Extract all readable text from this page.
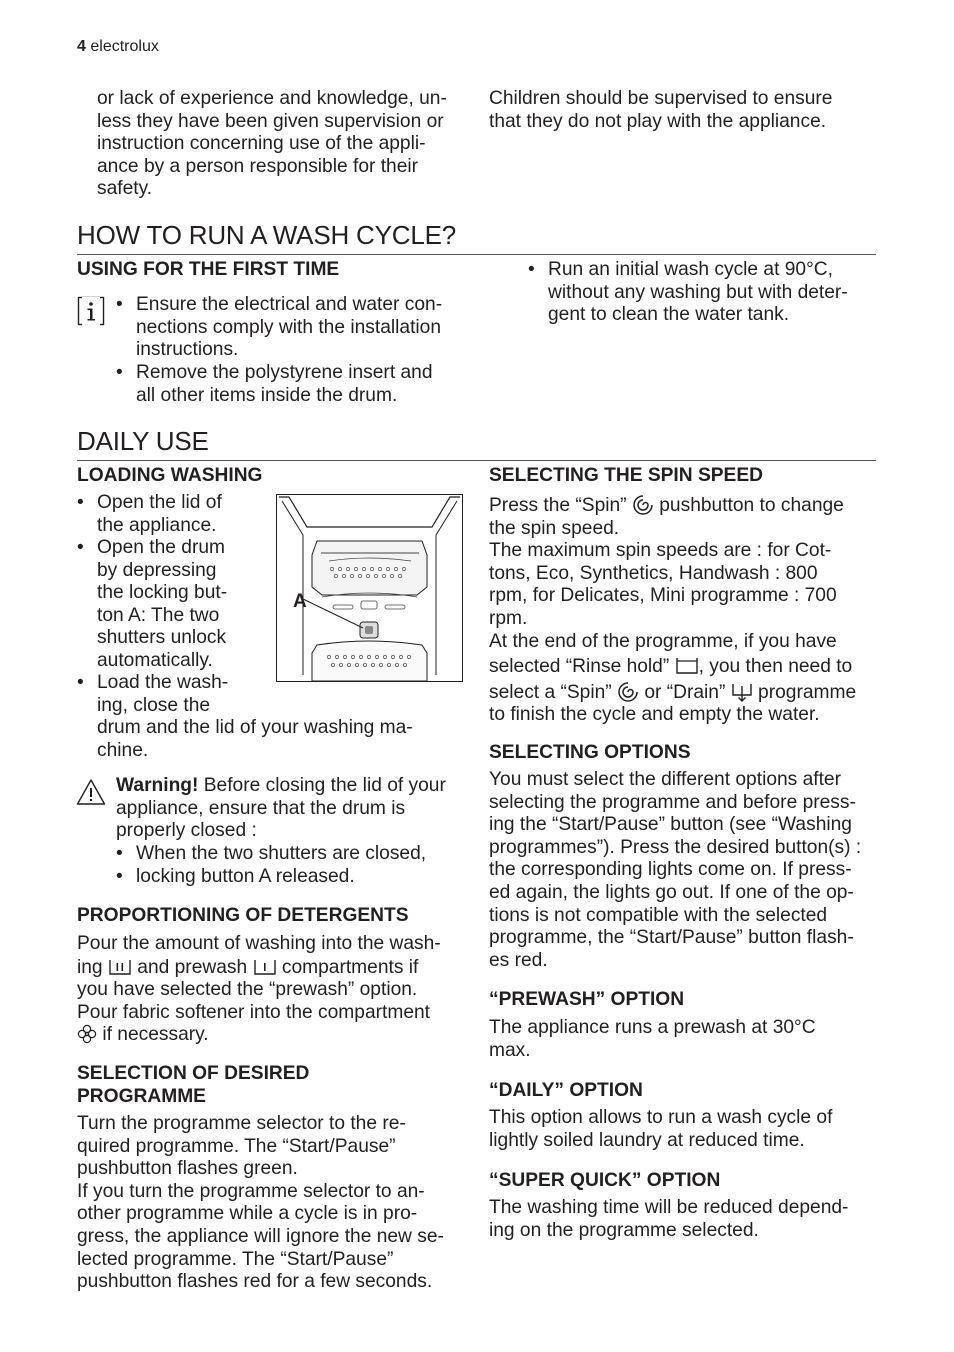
4 electrolux
or lack of experience and knowledge, un-
less they have been given supervision or
instruction concerning use of the appli-
ance by a person responsible for their
safety.
Children should be supervised to ensure
that they do not play with the appliance.
HOW TO RUN A WASH CYCLE?
USING FOR THE FIRST TIME
• Ensure the electrical and water con-
nections comply with the installation
instructions.
• Remove the polystyrene insert and
all other items inside the drum.
• Run an initial wash cycle at 90°C,
without any washing but with deter-
gent to clean the water tank.
DAILY USE
LOADING WASHING
• Open the lid of
the appliance.
• Open the drum
by depressing
the locking but-
ton A: The two
shutters unlock
automatically.
• Load the wash-
ing, close the
drum and the lid of your washing ma-
chine.
A
Warning! Before closing the lid of your
appliance, ensure that the drum is
properly closed :
• When the two shutters are closed,
• locking button A released.
PROPORTIONING OF DETERGENTS
Pour the amount of washing into the wash-
ing and prewash compartments if
you have selected the “prewash” option.
Pour fabric softener into the compartment
if necessary.
SELECTION OF DESIRED
PROGRAMME
Turn the programme selector to the re-
quired programme. The “Start/Pause”
pushbutton flashes green.
If you turn the programme selector to an-
other programme while a cycle is in pro-
gress, the appliance will ignore the new se-
lected programme. The “Start/Pause”
pushbutton flashes red for a few seconds.
SELECTING THE SPIN SPEED
Press the “Spin” pushbutton to change
the spin speed.
The maximum spin speeds are : for Cot-
tons, Eco, Synthetics, Handwash : 800
rpm, for Delicates, Mini programme : 700
rpm.
At the end of the programme, if you have
selected “Rinse hold” , you then need to
select a “Spin” or “Drain” programme
to finish the cycle and empty the water.
SELECTING OPTIONS
You must select the different options after
selecting the programme and before press-
ing the “Start/Pause” button (see “Washing
programmes”). Press the desired button(s) :
the corresponding lights come on. If press-
ed again, the lights go out. If one of the op-
tions is not compatible with the selected
programme, the “Start/Pause” button flash-
es red.
“PREWASH” OPTION
The appliance runs a prewash at 30°C
max.
“DAILY” OPTION
This option allows to run a wash cycle of
lightly soiled laundry at reduced time.
“SUPER QUICK” OPTION
The washing time will be reduced depend-
ing on the programme selected.
